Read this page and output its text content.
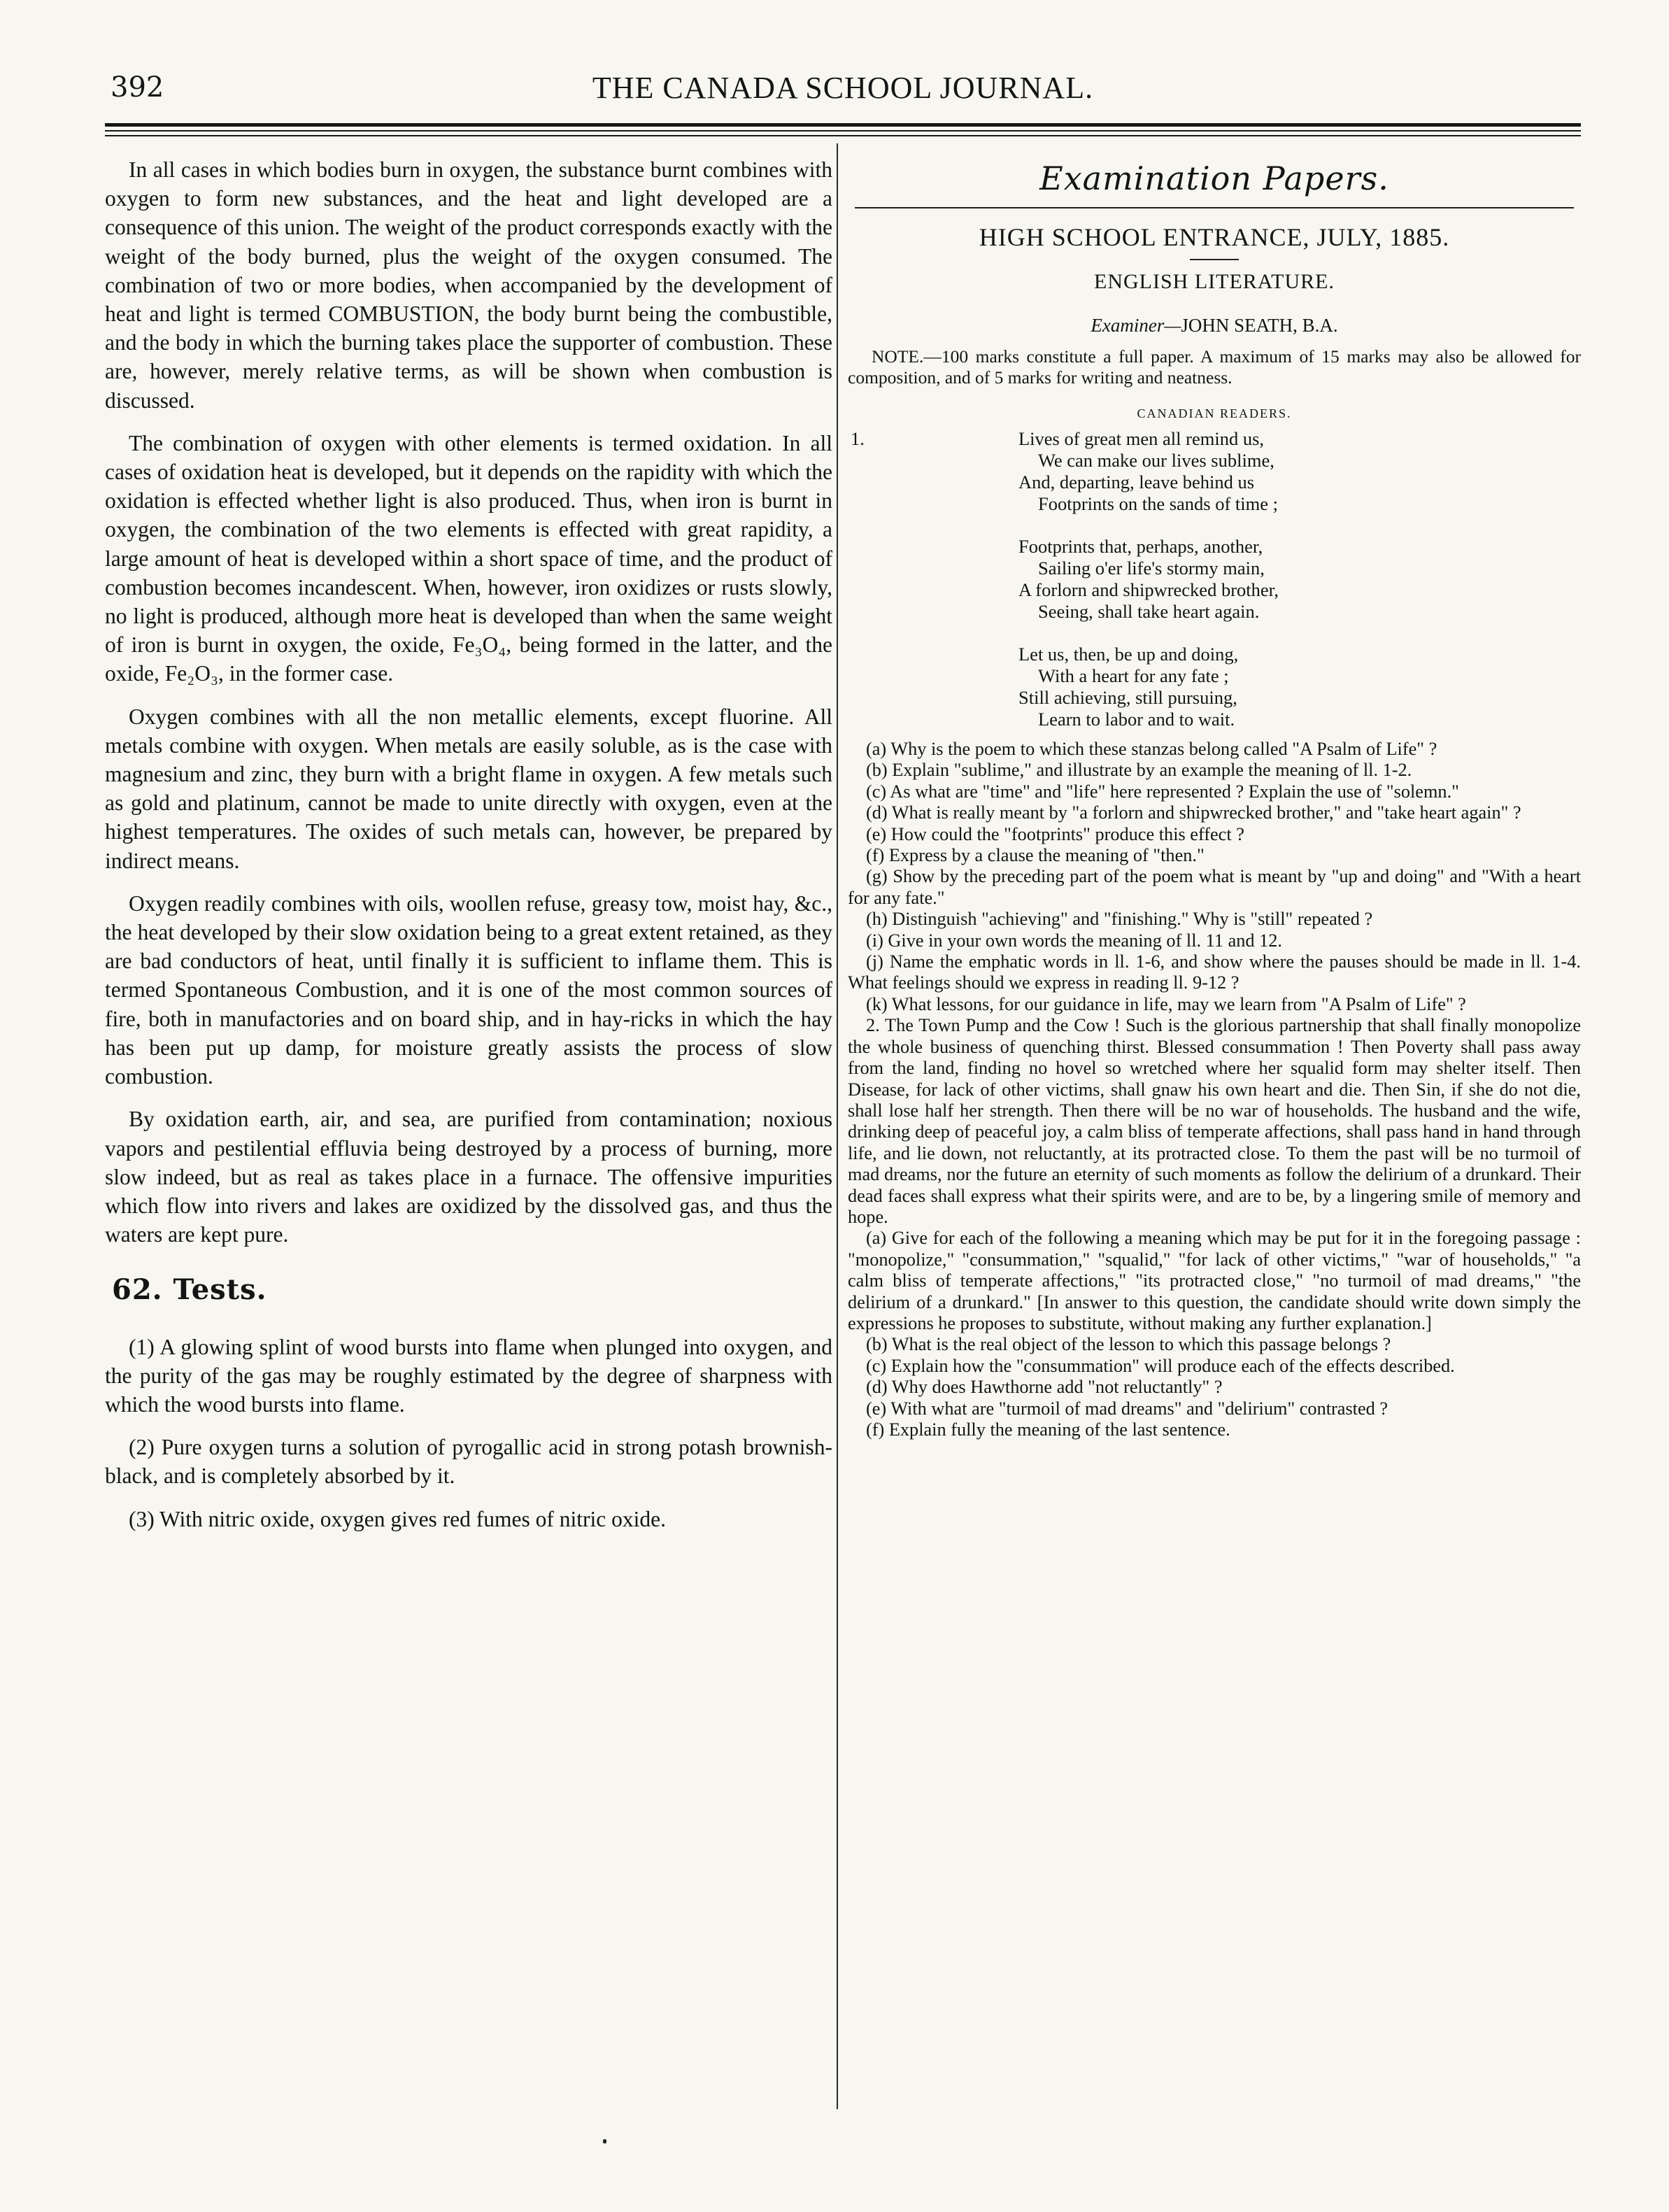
392	THE CANADA SCHOOL JOURNAL.

In all cases in which bodies burn in oxygen, the substance burnt combines with oxygen to form new substances, and the heat and light developed are a consequence of this union. The weight of the product corresponds exactly with the weight of the body burned, plus the weight of the oxygen consumed. The combination of two or more bodies, when accompanied by the development of heat and light is termed COMBUSTION, the body burnt being the combustible, and the body in which the burning takes place the supporter of combustion. These are, however, merely relative terms, as will be shown when combustion is discussed.

The combination of oxygen with other elements is termed oxidation. In all cases of oxidation heat is developed, but it depends on the rapidity with which the oxidation is effected whether light is also produced. Thus, when iron is burnt in oxygen, the combination of the two elements is effected with great rapidity, a large amount of heat is developed within a short space of time, and the product of combustion becomes incandescent. When, however, iron oxidizes or rusts slowly, no light is produced, although more heat is developed than when the same weight of iron is burnt in oxygen, the oxide, Fe₃O₄, being formed in the latter, and the oxide, Fe₂O₃, in the former case.

Oxygen combines with all the non metallic elements, except fluorine. All metals combine with oxygen. When metals are easily soluble, as is the case with magnesium and zinc, they burn with a bright flame in oxygen. A few metals such as gold and platinum, cannot be made to unite directly with oxygen, even at the highest temperatures. The oxides of such metals can, however, be prepared by indirect means.

Oxygen readily combines with oils, woollen refuse, greasy tow, moist hay, &c., the heat developed by their slow oxidation being to a great extent retained, as they are bad conductors of heat, until finally it is sufficient to inflame them. This is termed Spontaneous Combustion, and it is one of the most common sources of fire, both in manufactories and on board ship, and in hay-ricks in which the hay has been put up damp, for moisture greatly assists the process of slow combustion.

By oxidation earth, air, and sea, are purified from contamination; noxious vapors and pestilential effluvia being destroyed by a process of burning, more slow indeed, but as real as takes place in a furnace. The offensive impurities which flow into rivers and lakes are oxidized by the dissolved gas, and thus the waters are kept pure.

62. Tests.

(1) A glowing splint of wood bursts into flame when plunged into oxygen, and the purity of the gas may be roughly estimated by the degree of sharpness with which the wood bursts into flame.

(2) Pure oxygen turns a solution of pyrogallic acid in strong potash brownish-black, and is completely absorbed by it.

(3) With nitric oxide, oxygen gives red fumes of nitric oxide.

Examination Papers.
HIGH SCHOOL ENTRANCE, JULY, 1885.
ENGLISH LITERATURE.
Examiner—JOHN SEATH, B.A.

NOTE.—100 marks constitute a full paper. A maximum of 15 marks may also be allowed for composition, and of 5 marks for writing and neatness.

CANADIAN READERS.
1.	Lives of great men all remind us,
We can make our lives sublime,
And, departing, leave behind us
Footprints on the sands of time ;
Footprints that, perhaps, another,
Sailing o'er life's stormy main,
A forlorn and shipwrecked brother,
Seeing, shall take heart again.
Let us, then, be up and doing,
With a heart for any fate ;
Still achieving, still pursuing,
Learn to labor and to wait.

(a) Why is the poem to which these stanzas belong called "A Psalm of Life" ?

(b) Explain "sublime," and illustrate by an example the meaning of ll. 1-2.

(c) As what are "time" and "life" here represented ? Explain the use of "solemn."

(d) What is really meant by "a forlorn and shipwrecked brother," and "take heart again" ?

(e) How could the "footprints" produce this effect ?

(f) Express by a clause the meaning of "then."

(g) Show by the preceding part of the poem what is meant by "up and doing" and "With a heart for any fate."

(h) Distinguish "achieving" and "finishing." Why is "still" repeated ?

(i) Give in your own words the meaning of ll. 11 and 12.

(j) Name the emphatic words in ll. 1-6, and show where the pauses should be made in ll. 1-4. What feelings should we express in reading ll. 9-12 ?

(k) What lessons, for our guidance in life, may we learn from "A Psalm of Life" ?

2. The Town Pump and the Cow ! Such is the glorious partnership that shall finally monopolize the whole business of quenching thirst. Blessed consummation ! Then Poverty shall pass away from the land, finding no hovel so wretched where her squalid form may shelter itself. Then Disease, for lack of other victims, shall gnaw his own heart and die. Then Sin, if she do not die, shall lose half her strength. Then there will be no war of households. The husband and the wife, drinking deep of peaceful joy, a calm bliss of temperate affections, shall pass hand in hand through life, and lie down, not reluctantly, at its protracted close. To them the past will be no turmoil of mad dreams, nor the future an eternity of such moments as follow the delirium of a drunkard. Their dead faces shall express what their spirits were, and are to be, by a lingering smile of memory and hope.

(a) Give for each of the following a meaning which may be put for it in the foregoing passage : "monopolize," "consummation," "squalid," "for lack of other victims," "war of households," "a calm bliss of temperate affections," "its protracted close," "no turmoil of mad dreams," "the delirium of a drunkard." [In answer to this question, the candidate should write down simply the expressions he proposes to substitute, without making any further explanation.]

(b) What is the real object of the lesson to which this passage belongs ?

(c) Explain how the "consummation" will produce each of the effects described.

(d) Why does Hawthorne add "not reluctantly" ?

(e) With what are "turmoil of mad dreams" and "delirium" contrasted ?

(f) Explain fully the meaning of the last sentence.
